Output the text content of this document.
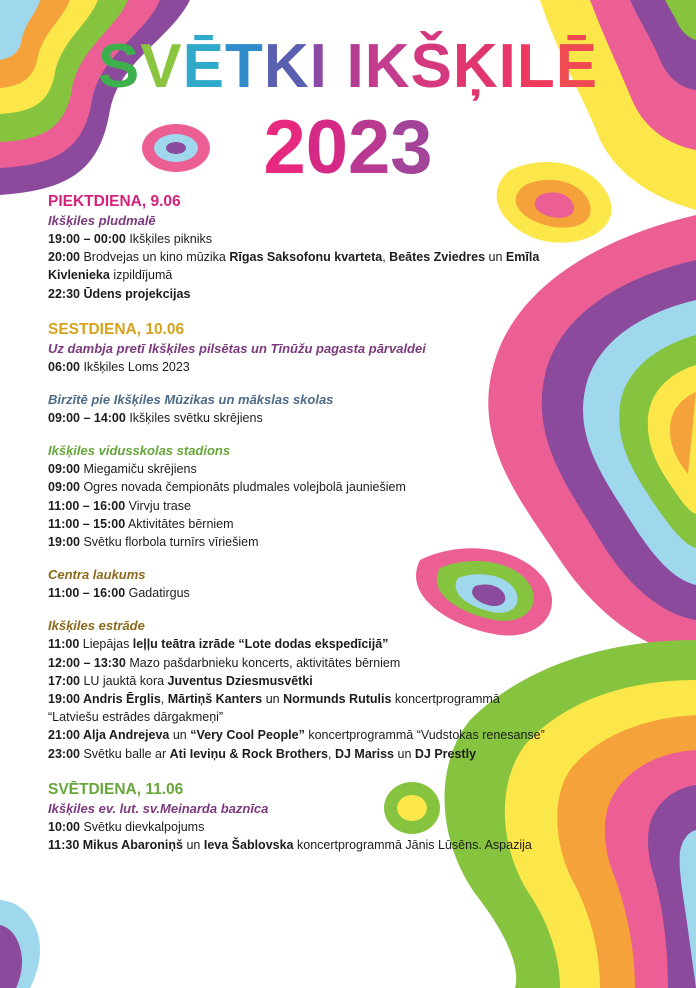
SVĒTKI IKŠĶILĒ
2023
PIEKTDIENA, 9.06

Ikšķiles pludmalē

19:00 – 00:00 Ikšķiles pikniks

20:00 Brodvejas un kino mūzika Rīgas Saksofonu kvarteta, Beātes Zviedres un Emīla Kivlenieka izpildījumā

22:30 Ūdens projekcijas

SESTDIENA, 10.06

Uz dambja pretī Ikšķiles pilsētas un Tīnūžu pagasta pārvaldei

06:00 Ikšķiles Loms 2023

Birzītē pie Ikšķiles Mūzikas un mākslas skolas

09:00 – 14:00 Ikšķiles svētku skrējiens

Ikšķiles vidusskolas stadions

09:00 Miegamiču skrējiens

09:00 Ogres novada čempionāts pludmales volejbolā jauniešiem

11:00 – 16:00 Virvju trase

11:00 – 15:00 Aktivitātes bērniem

19:00 Svētku florbola turnīrs vīriešiem

Centra laukums

11:00 – 16:00 Gadatirgus

Ikšķiles estrāde

11:00 Liepājas leļļu teātra izrāde “Lote dodas ekspedīcijā”

12:00 – 13:30 Mazo pašdarbnieku koncerts, aktivitātes bērniem

17:00 LU jauktā kora Juventus Dziesmusvētki

19:00 Andris Ērglis, Mārtiņš Kanters un Normunds Rutulis koncertprogrammā “Latviešu estrādes dārgakmeņi”

21:00 Alja Andrejeva un “Very Cool People” koncertprogrammā “Vudstokas renesanse”

23:00 Svētku balle ar Ati Ieviņu & Rock Brothers, DJ Mariss un DJ Prestly

SVĒTDIENA, 11.06

Ikšķiles ev. lut. sv.Meinarda baznīca

10:00 Svētku dievkalpojums

11:30 Mikus Abaroniņš un Ieva Šablovska koncertprogrammā Jānis Lūsēns. Aspazija
